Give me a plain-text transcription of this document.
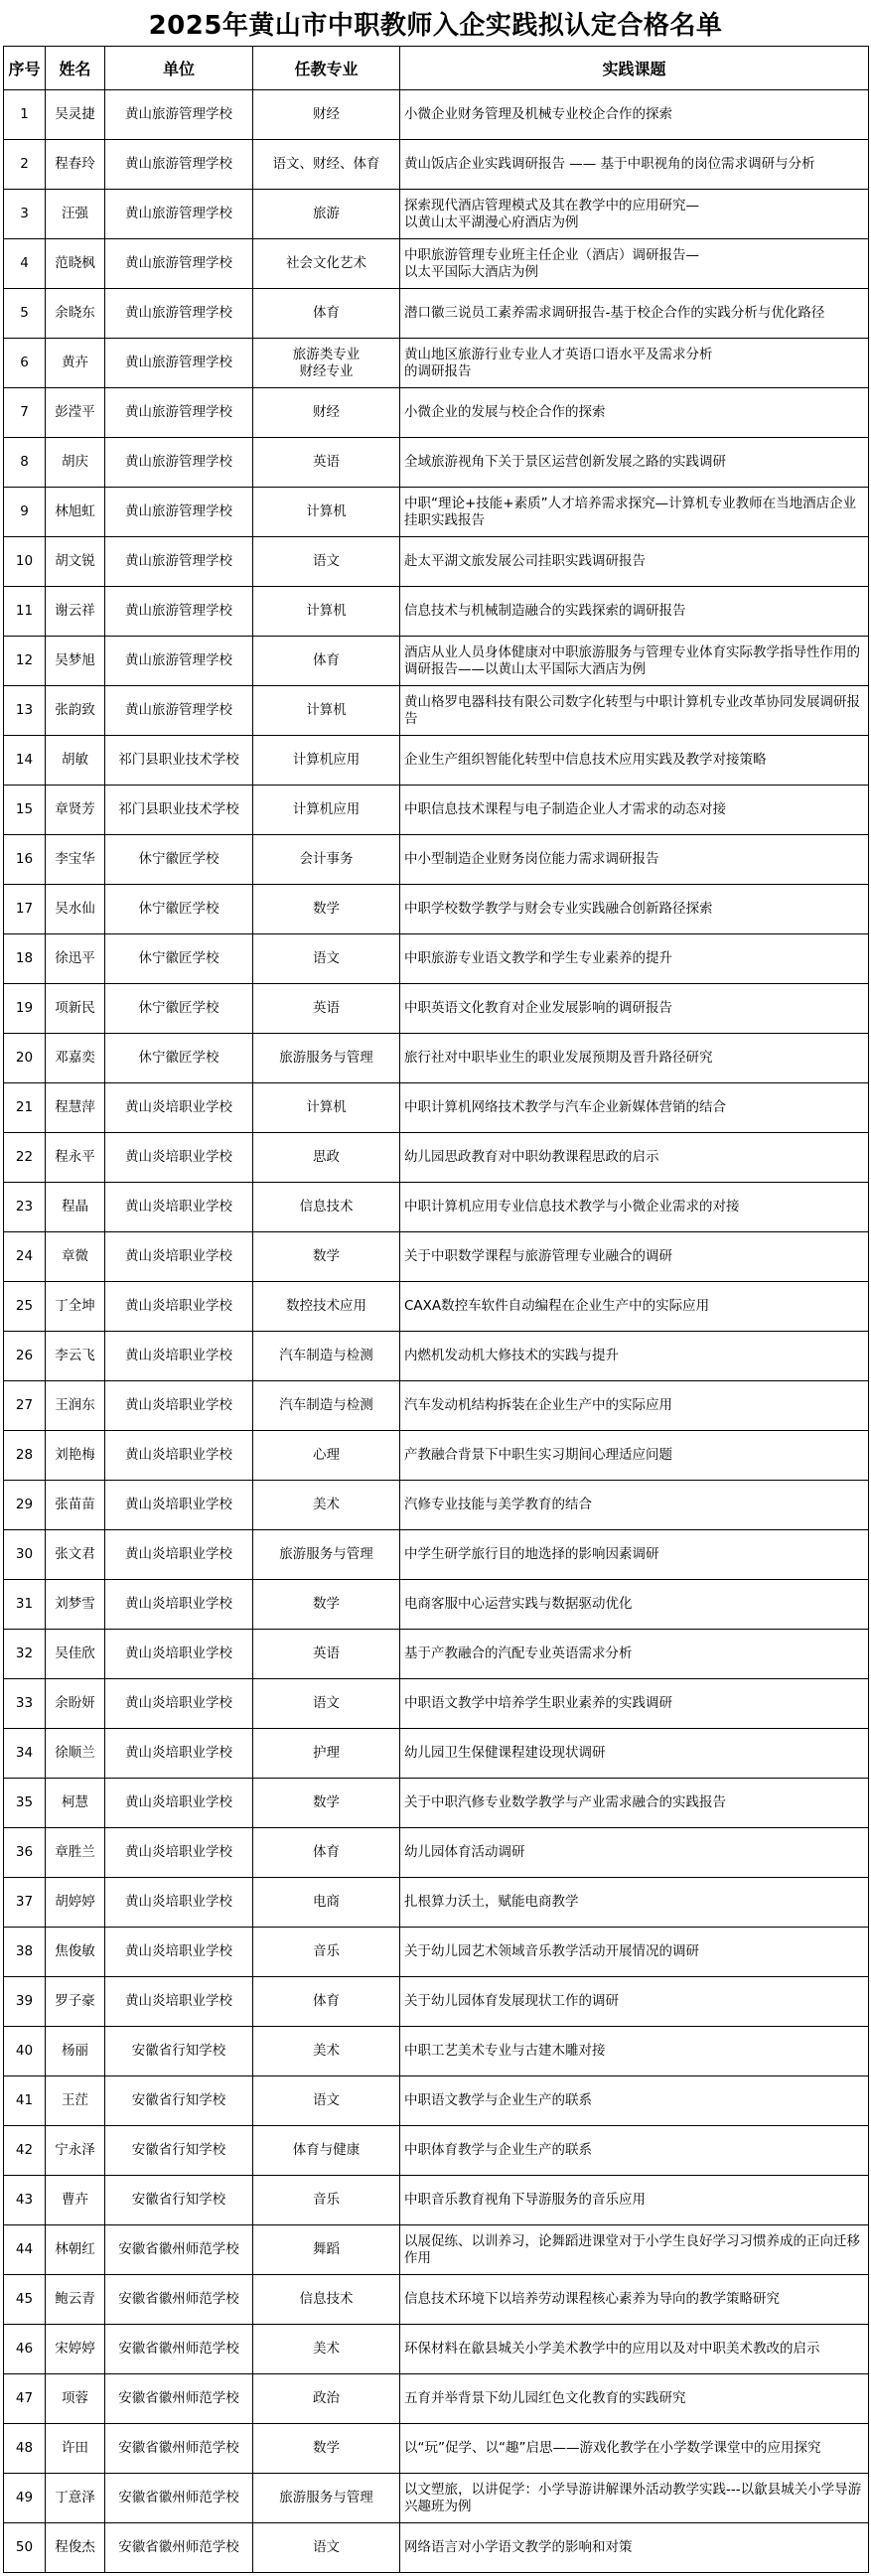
2025年黄山市中职教师入企实践拟认定合格名单
序号	姓名	单位	任教专业	实践课题
1	吴灵捷	黄山旅游管理学校	财经	小微企业财务管理及机械专业校企合作的探索
2	程春玲	黄山旅游管理学校	语文、财经、体育	黄山饭店企业实践调研报告 —— 基于中职视角的岗位需求调研与分析
3	汪强	黄山旅游管理学校	旅游	探索现代酒店管理模式及其在教学中的应用研究—
以黄山太平湖漫心府酒店为例
4	范晓枫	黄山旅游管理学校	社会文化艺术	中职旅游管理专业班主任企业（酒店）调研报告—
以太平国际大酒店为例
5	余晓东	黄山旅游管理学校	体育	潜口徽三说员工素养需求调研报告-基于校企合作的实践分析与优化路径
6	黄卉	黄山旅游管理学校	旅游类专业
财经专业	黄山地区旅游行业专业人才英语口语水平及需求分析
的调研报告
7	彭滢平	黄山旅游管理学校	财经	小微企业的发展与校企合作的探索
8	胡庆	黄山旅游管理学校	英语	全域旅游视角下关于景区运营创新发展之路的实践调研
9	林旭虹	黄山旅游管理学校	计算机	中职“理论+技能+素质”人才培养需求探究—计算机专业教师在当地酒店企业挂职实践报告
10	胡文锐	黄山旅游管理学校	语文	赴太平湖文旅发展公司挂职实践调研报告
11	谢云祥	黄山旅游管理学校	计算机	信息技术与机械制造融合的实践探索的调研报告
12	吴梦旭	黄山旅游管理学校	体育	酒店从业人员身体健康对中职旅游服务与管理专业体育实际教学指导性作用的调研报告——以黄山太平国际大酒店为例
13	张韵致	黄山旅游管理学校	计算机	黄山格罗电器科技有限公司数字化转型与中职计算机专业改革协同发展调研报告
14	胡敏	祁门县职业技术学校	计算机应用	企业生产组织智能化转型中信息技术应用实践及教学对接策略
15	章贤芳	祁门县职业技术学校	计算机应用	中职信息技术课程与电子制造企业人才需求的动态对接
16	李宝华	休宁徽匠学校	会计事务	中小型制造企业财务岗位能力需求调研报告
17	吴水仙	休宁徽匠学校	数学	中职学校数学教学与财会专业实践融合创新路径探索
18	徐迅平	休宁徽匠学校	语文	中职旅游专业语文教学和学生专业素养的提升
19	项新民	休宁徽匠学校	英语	中职英语文化教育对企业发展影响的调研报告
20	邓嘉奕	休宁徽匠学校	旅游服务与管理	旅行社对中职毕业生的职业发展预期及晋升路径研究
21	程慧萍	黄山炎培职业学校	计算机	中职计算机网络技术教学与汽车企业新媒体营销的结合
22	程永平	黄山炎培职业学校	思政	幼儿园思政教育对中职幼教课程思政的启示
23	程晶	黄山炎培职业学校	信息技术	中职计算机应用专业信息技术教学与小微企业需求的对接
24	章微	黄山炎培职业学校	数学	关于中职数学课程与旅游管理专业融合的调研
25	丁全坤	黄山炎培职业学校	数控技术应用	CAXA数控车软件自动编程在企业生产中的实际应用
26	李云飞	黄山炎培职业学校	汽车制造与检测	内燃机发动机大修技术的实践与提升
27	王润东	黄山炎培职业学校	汽车制造与检测	汽车发动机结构拆装在企业生产中的实际应用
28	刘艳梅	黄山炎培职业学校	心理	产教融合背景下中职生实习期间心理适应问题
29	张苗苗	黄山炎培职业学校	美术	汽修专业技能与美学教育的结合
30	张文君	黄山炎培职业学校	旅游服务与管理	中学生研学旅行目的地选择的影响因素调研
31	刘梦雪	黄山炎培职业学校	数学	电商客服中心运营实践与数据驱动优化
32	吴佳欣	黄山炎培职业学校	英语	基于产教融合的汽配专业英语需求分析
33	余盼妍	黄山炎培职业学校	语文	中职语文教学中培养学生职业素养的实践调研
34	徐顺兰	黄山炎培职业学校	护理	幼儿园卫生保健课程建设现状调研
35	柯慧	黄山炎培职业学校	数学	关于中职汽修专业数学教学与产业需求融合的实践报告
36	章胜兰	黄山炎培职业学校	体育	幼儿园体育活动调研
37	胡婷婷	黄山炎培职业学校	电商	扎根算力沃土，赋能电商教学
38	焦俊敏	黄山炎培职业学校	音乐	关于幼儿园艺术领域音乐教学活动开展情况的调研
39	罗子豪	黄山炎培职业学校	体育	关于幼儿园体育发展现状工作的调研
40	杨丽	安徽省行知学校	美术	中职工艺美术专业与古建木雕对接
41	王茳	安徽省行知学校	语文	中职语文教学与企业生产的联系
42	宁永泽	安徽省行知学校	体育与健康	中职体育教学与企业生产的联系
43	曹卉	安徽省行知学校	音乐	中职音乐教育视角下导游服务的音乐应用
44	林朝红	安徽省徽州师范学校	舞蹈	以展促练、以训养习，论舞蹈进课堂对于小学生良好学习习惯养成的正向迁移作用
45	鲍云青	安徽省徽州师范学校	信息技术	信息技术环境下以培养劳动课程核心素养为导向的教学策略研究
46	宋婷婷	安徽省徽州师范学校	美术	环保材料在歙县城关小学美术教学中的应用以及对中职美术教改的启示
47	项蓉	安徽省徽州师范学校	政治	五育并举背景下幼儿园红色文化教育的实践研究
48	许田	安徽省徽州师范学校	数学	以“玩”促学、以“趣”启思——游戏化教学在小学数学课堂中的应用探究
49	丁意泽	安徽省徽州师范学校	旅游服务与管理	以文塑旅，以讲促学：小学导游讲解课外活动教学实践---以歙县城关小学导游兴趣班为例
50	程俊杰	安徽省徽州师范学校	语文	网络语言对小学语文教学的影响和对策
